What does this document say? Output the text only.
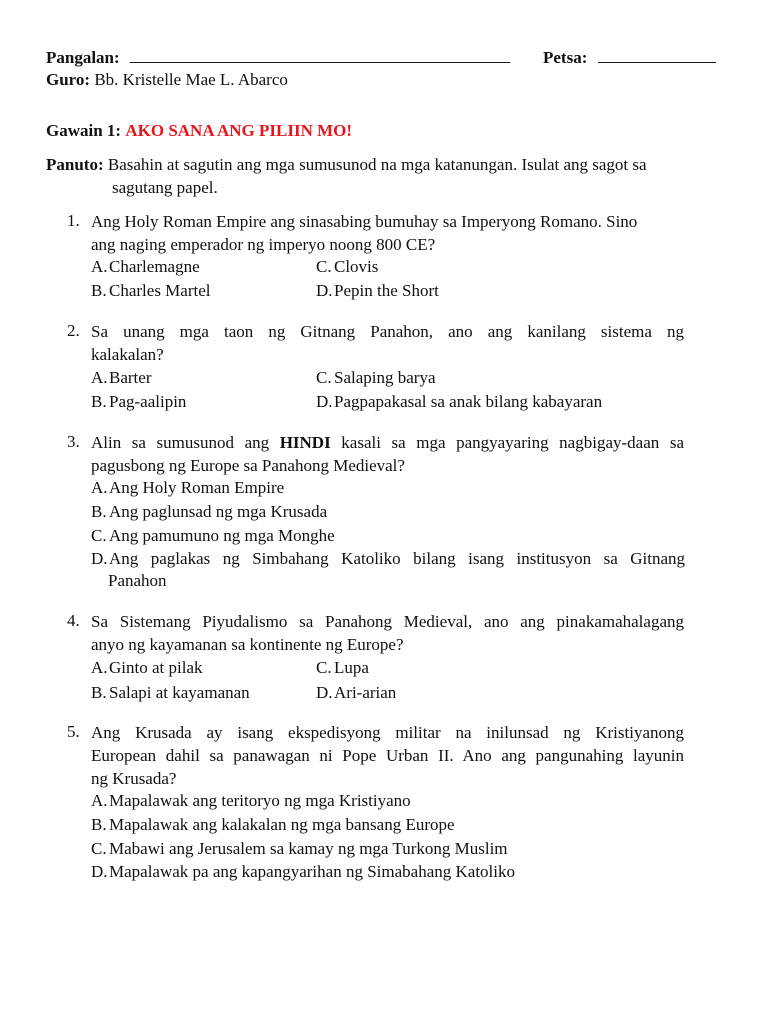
Pangalan:	Petsa:
Guro: Bb. Kristelle Mae L. Abarco
Gawain 1: AKO SANA ANG PILIIN MO!
Panuto: Basahin at sagutin ang mga sumusunod na mga katanungan. Isulat ang sagot sa
sagutang papel.
1. Ang Holy Roman Empire ang sinasabing bumuhay sa Imperyong Romano. Sino
ang naging emperador ng imperyo noong 800 CE?
A.Charlemagne
B. Charles Martel
C. Clovis
D.Pepin the Short
2. Sa unang mga taon ng Gitnang Panahon, ano ang kanilang sistema ng
kalakalan?
A.Barter
B. Pag-aalipin
C. Salaping barya
D.Pagpapakasal sa anak bilang kabayaran
3. Alin sa sumusunod ang HINDI kasali sa mga pangyayaring nagbigay-daan sa
pagusbong ng Europe sa Panahong Medieval?
A.Ang Holy Roman Empire
B. Ang paglunsad ng mga Krusada
C. Ang pamumuno ng mga Monghe
D. Ang paglakas ng Simbahang Katoliko bilang isang institusyon sa Gitnang
Panahon
4. Sa Sistemang Piyudalismo sa Panahong Medieval, ano ang pinakamahalagang
anyo ng kayamanan sa kontinente ng Europe?
A.Ginto at pilak
B. Salapi at kayamanan
C. Lupa
D.Ari-arian
5. Ang Krusada ay isang ekspedisyong militar na inilunsad ng Kristiyanong
European dahil sa panawagan ni Pope Urban II. Ano ang pangunahing layunin
ng Krusada?
A.Mapalawak ang teritoryo ng mga Kristiyano
B. Mapalawak ang kalakalan ng mga bansang Europe
C. Mabawi ang Jerusalem sa kamay ng mga Turkong Muslim
D.Mapalawak pa ang kapangyarihan ng Simabahang Katoliko
